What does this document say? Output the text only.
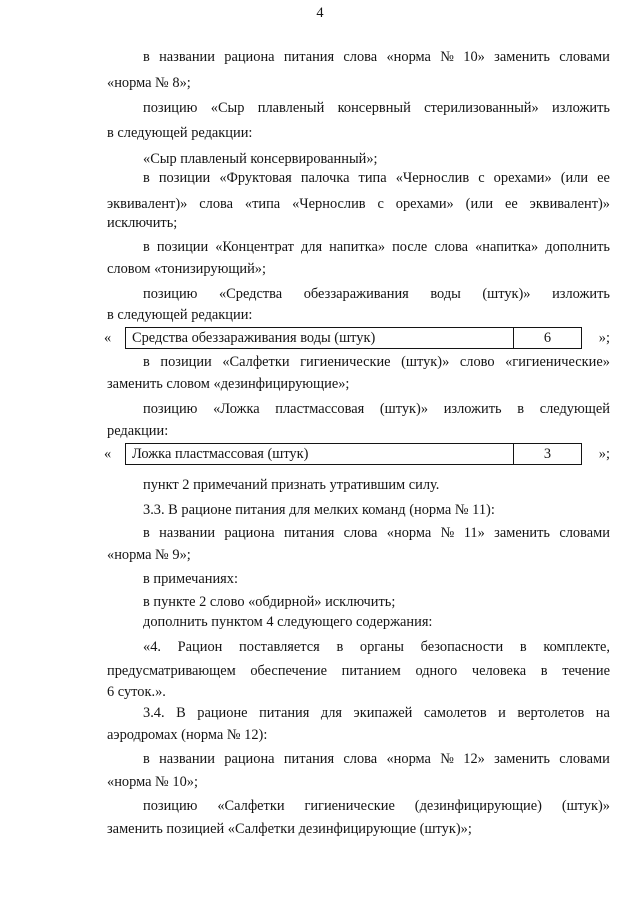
4
в названии рациона питания слова «норма № 10» заменить словами
«норма № 8»;
позицию «Сыр плавленый консервный стерилизованный» изложить
в следующей редакции:
«Сыр плавленый консервированный»;
в позиции «Фруктовая палочка типа «Чернослив с орехами» (или ее
эквивалент)» слова «типа «Чернослив с орехами» (или ее эквивалент)»
исключить;
в позиции «Концентрат для напитка» после слова «напитка» дополнить
словом «тонизирующий»;
позицию «Средства обеззараживания воды (штук)» изложить
в следующей редакции:
« Средства обеззараживания воды (штук)	6	»;
в позиции «Салфетки гигиенические (штук)» слово «гигиенические»
заменить словом «дезинфицирующие»;
позицию «Ложка пластмассовая (штук)» изложить в следующей
редакции:
« Ложка пластмассовая (штук)	3	»;
пункт 2 примечаний признать утратившим силу.
3.3. В рационе питания для мелких команд (норма № 11):
в названии рациона питания слова «норма № 11» заменить словами
«норма № 9»;
в примечаниях:
в пункте 2 слово «обдирной» исключить;
дополнить пунктом 4 следующего содержания:
«4. Рацион поставляется в органы безопасности в комплекте,
предусматривающем обеспечение питанием одного человека в течение
6 суток.».
3.4. В рационе питания для экипажей самолетов и вертолетов на
аэродромах (норма № 12):
в названии рациона питания слова «норма № 12» заменить словами
«норма № 10»;
позицию «Салфетки гигиенические (дезинфицирующие) (штук)»
заменить позицией «Салфетки дезинфицирующие (штук)»;
